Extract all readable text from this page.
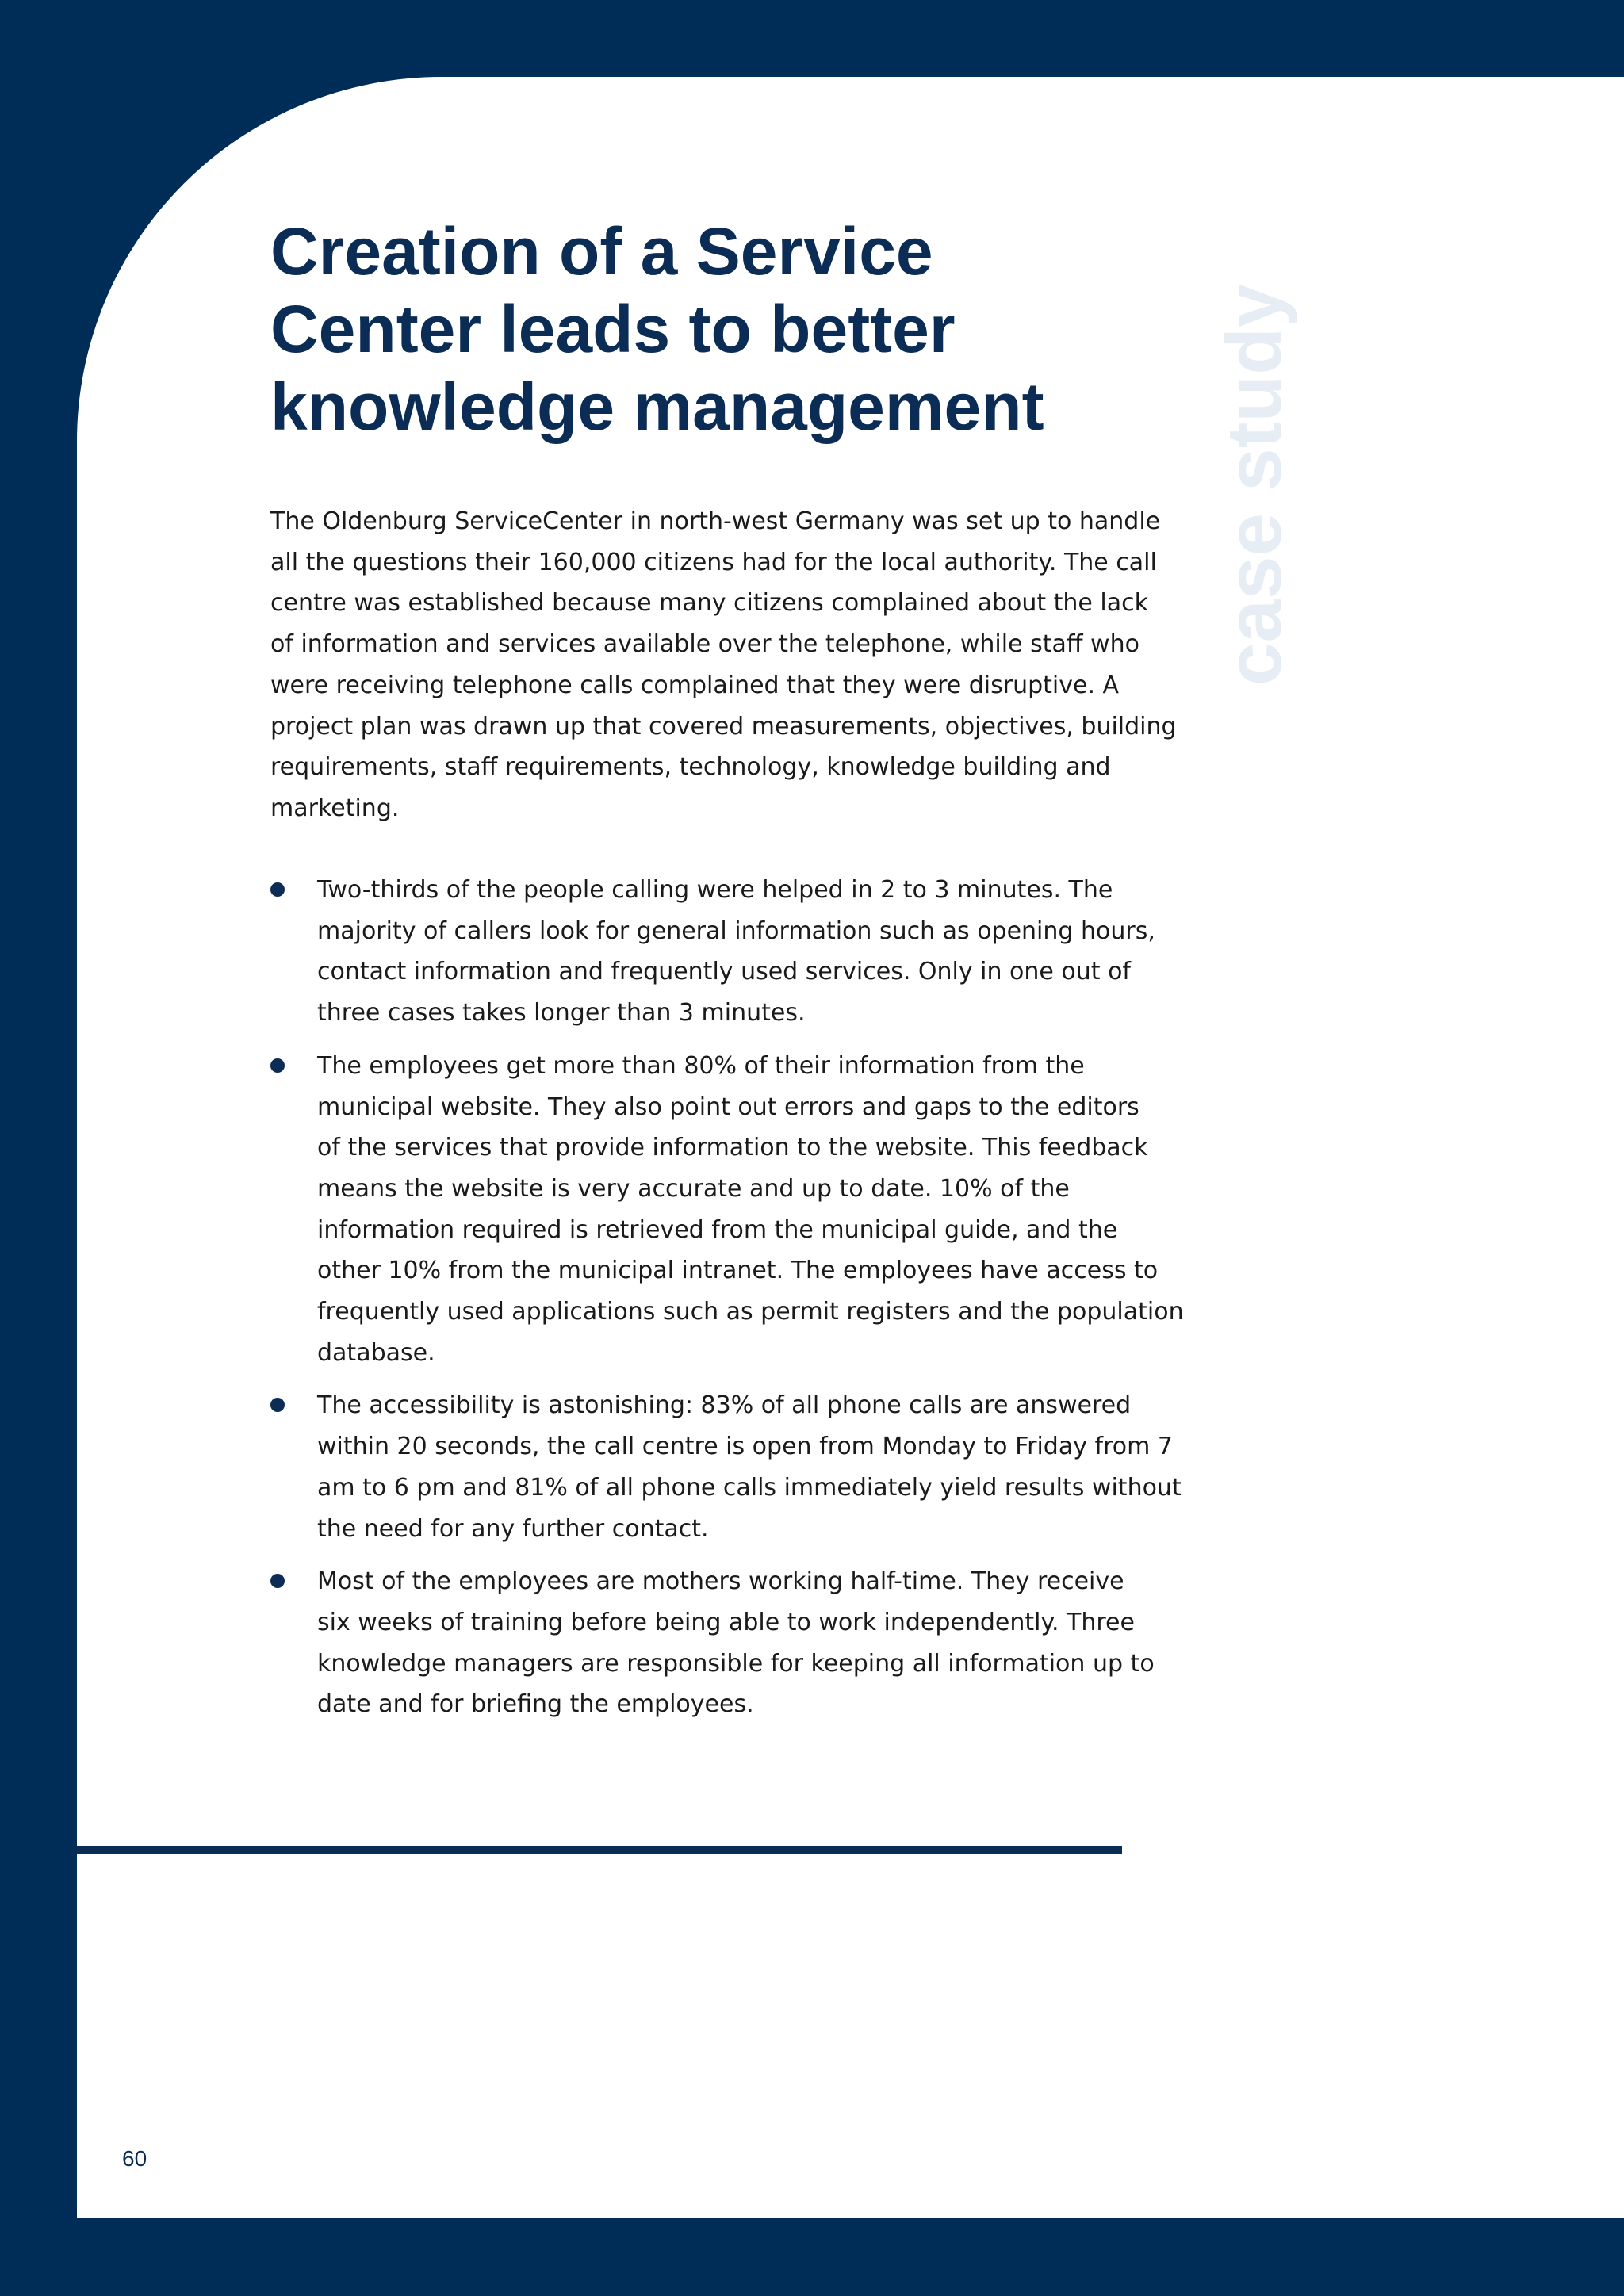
case study
Creation of a Service
Center leads to better
knowledge management

The Oldenburg ServiceCenter in north-west Germany was set up to handle
all the questions their 160,000 citizens had for the local authority. The call
centre was established because many citizens complained about the lack
of information and services available over the telephone, while staff who
were receiving telephone calls complained that they were disruptive. A
project plan was drawn up that covered measurements, objectives, building
requirements, staff requirements, technology, knowledge building and
marketing.

Two-thirds of the people calling were helped in 2 to 3 minutes. The
majority of callers look for general information such as opening hours,
contact information and frequently used services. Only in one out of
three cases takes longer than 3 minutes.
The employees get more than 80% of their information from the
municipal website. They also point out errors and gaps to the editors
of the services that provide information to the website. This feedback
means the website is very accurate and up to date. 10% of the
information required is retrieved from the municipal guide, and the
other 10% from the municipal intranet. The employees have access to
frequently used applications such as permit registers and the population
database.
The accessibility is astonishing: 83% of all phone calls are answered
within 20 seconds, the call centre is open from Monday to Friday from 7
am to 6 pm and 81% of all phone calls immediately yield results without
the need for any further contact.
Most of the employees are mothers working half-time. They receive
six weeks of training before being able to work independently. Three
knowledge managers are responsible for keeping all information up to
date and for briefing the employees.
60
